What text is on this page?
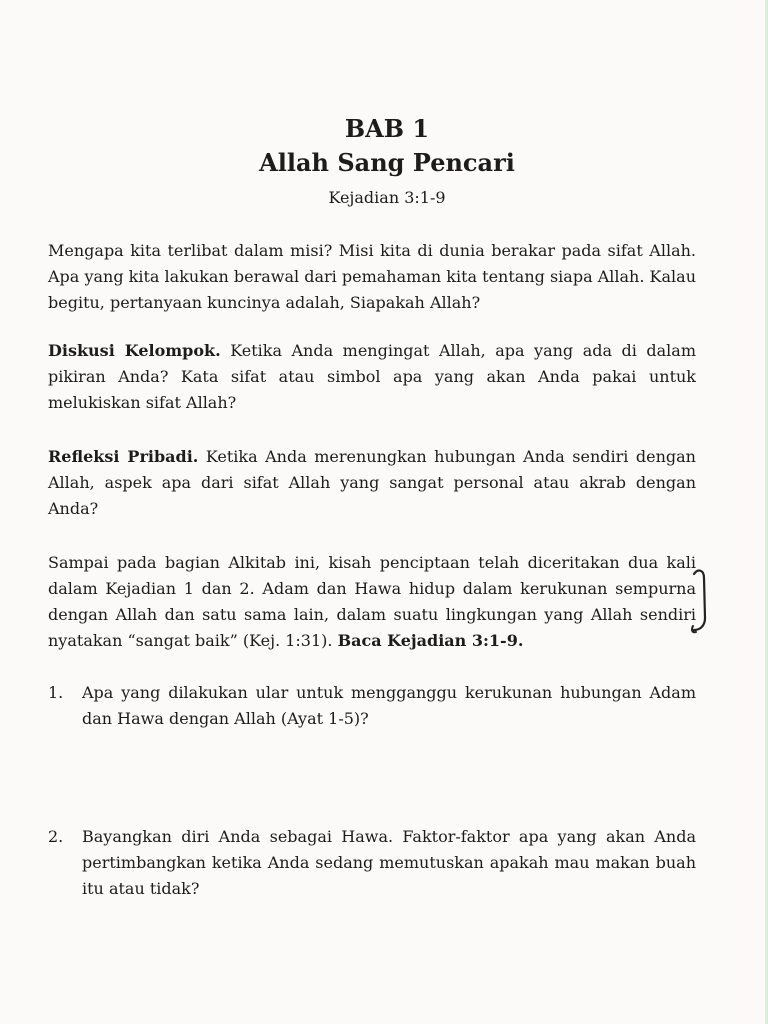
BAB 1
Allah Sang Pencari
Kejadian 3:1-9

Mengapa kita terlibat dalam misi? Misi kita di dunia berakar pada sifat Allah. Apa yang kita lakukan berawal dari pemahaman kita tentang siapa Allah. Kalau begitu, pertanyaan kuncinya adalah, Siapakah Allah?

Diskusi Kelompok. Ketika Anda mengingat Allah, apa yang ada di dalam pikiran Anda? Kata sifat atau simbol apa yang akan Anda pakai untuk melukiskan sifat Allah?

Refleksi Pribadi. Ketika Anda merenungkan hubungan Anda sendiri dengan Allah, aspek apa dari sifat Allah yang sangat personal atau akrab dengan Anda?

Sampai pada bagian Alkitab ini, kisah penciptaan telah diceritakan dua kali dalam Kejadian 1 dan 2. Adam dan Hawa hidup dalam kerukunan sempurna dengan Allah dan satu sama lain, dalam suatu lingkungan yang Allah sendiri nyatakan “sangat baik” (Kej. 1:31). Baca Kejadian 3:1-9.

1.	Apa yang dilakukan ular untuk mengganggu kerukunan hubungan Adam dan Hawa dengan Allah (Ayat 1-5)?
2.	Bayangkan diri Anda sebagai Hawa. Faktor-faktor apa yang akan Anda pertimbangkan ketika Anda sedang memutuskan apakah mau makan buah itu atau tidak?
